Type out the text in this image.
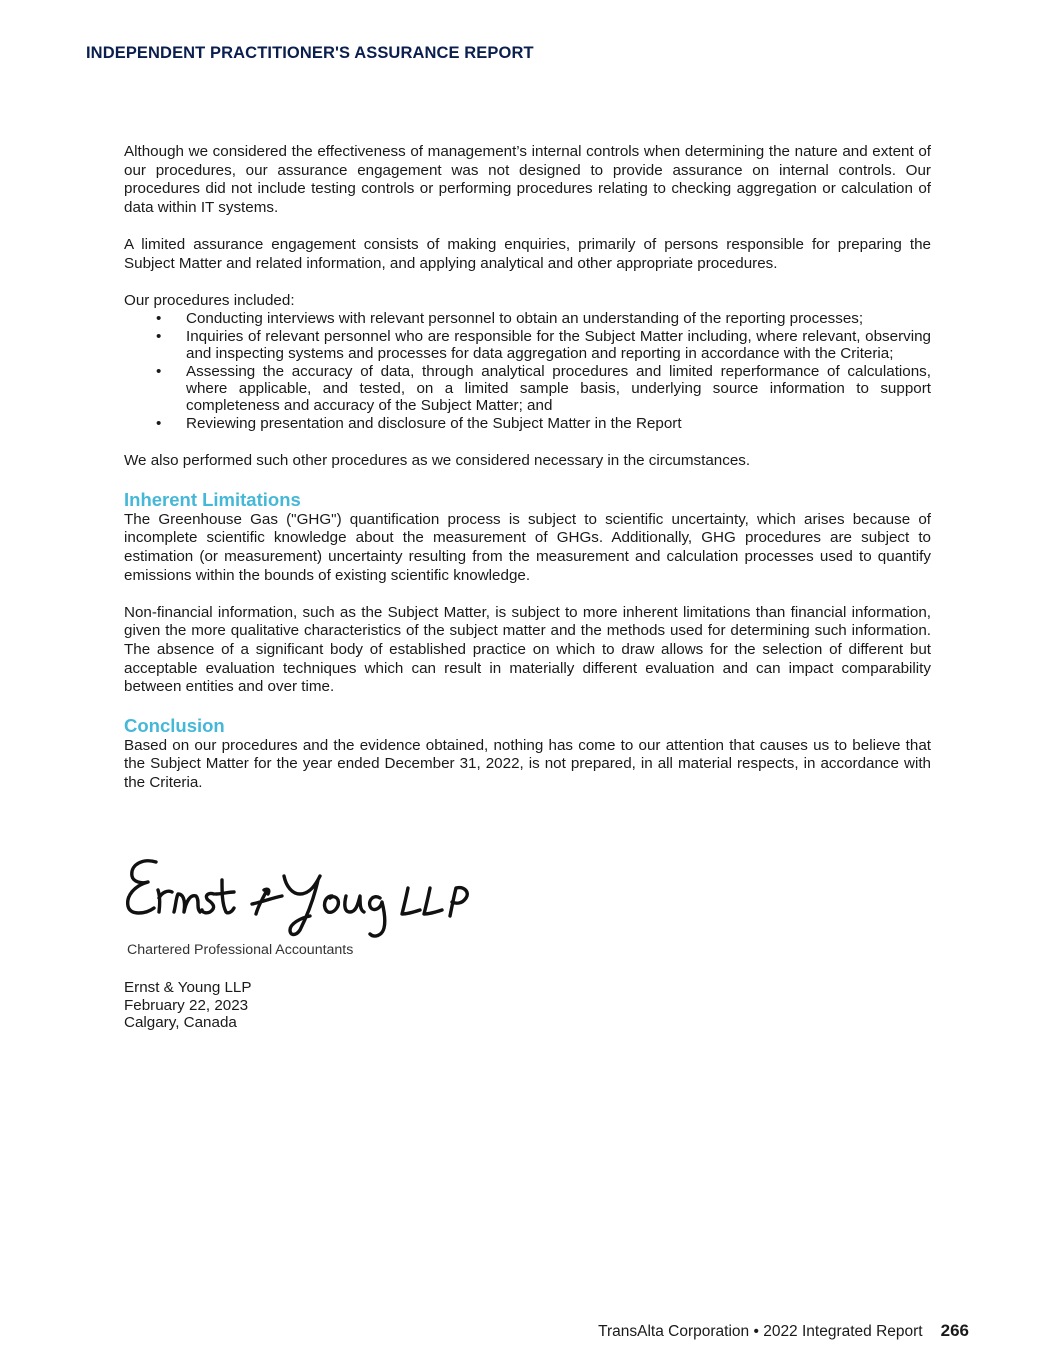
INDEPENDENT PRACTITIONER'S ASSURANCE REPORT

Although we considered the effectiveness of management’s internal controls when determining the nature and extent of our procedures, our assurance engagement was not designed to provide assurance on internal controls. Our procedures did not include testing controls or performing procedures relating to checking aggregation or calculation of data within IT systems.

A limited assurance engagement consists of making enquiries, primarily of persons responsible for preparing the Subject Matter and related information, and applying analytical and other appropriate procedures.

Our procedures included:

• Conducting interviews with relevant personnel to obtain an understanding of the reporting processes;
• Inquiries of relevant personnel who are responsible for the Subject Matter including, where relevant, observing and inspecting systems and processes for data aggregation and reporting in accordance with the Criteria;
• Assessing the accuracy of data, through analytical procedures and limited reperformance of calculations, where applicable, and tested, on a limited sample basis, underlying source information to support completeness and accuracy of the Subject Matter; and
• Reviewing presentation and disclosure of the Subject Matter in the Report

We also performed such other procedures as we considered necessary in the circumstances.

Inherent Limitations

The Greenhouse Gas ("GHG") quantification process is subject to scientific uncertainty, which arises because of incomplete scientific knowledge about the measurement of GHGs. Additionally, GHG procedures are subject to estimation (or measurement) uncertainty resulting from the measurement and calculation processes used to quantify emissions within the bounds of existing scientific knowledge.

Non-financial information, such as the Subject Matter, is subject to more inherent limitations than financial information, given the more qualitative characteristics of the subject matter and the methods used for determining such information. The absence of a significant body of established practice on which to draw allows for the selection of different but acceptable evaluation techniques which can result in materially different evaluation and can impact comparability between entities and over time.

Conclusion

Based on our procedures and the evidence obtained, nothing has come to our attention that causes us to believe that the Subject Matter for the year ended December 31, 2022, is not prepared, in all material respects, in accordance with the Criteria.

Chartered Professional Accountants
Ernst & Young LLP
February 22, 2023
Calgary, Canada
TransAlta Corporation • 2022 Integrated Report 266
